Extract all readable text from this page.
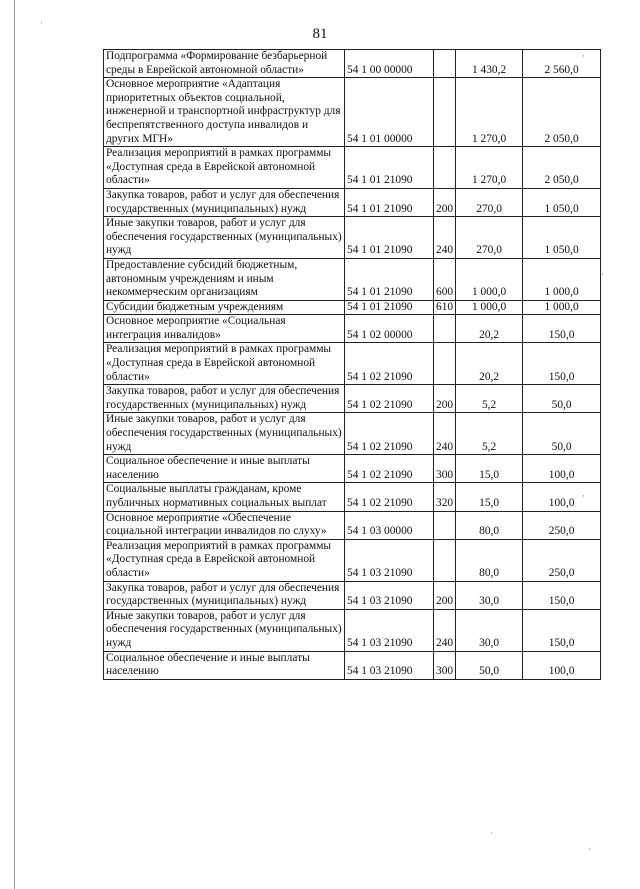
81
Подпрограмма «Формирование безбарьерной среды в Еврейской автономной области»	54 1 00 00000		1 430,2	2 560,0
Основное мероприятие «Адаптация приоритетных объектов социальной, инженерной и транспортной инфраструктур для беспрепятственного доступа инвалидов и других МГН»	54 1 01 00000		1 270,0	2 050,0
Реализация мероприятий в рамках программы «Доступная среда в Еврейской автономной области»	54 1 01 21090		1 270,0	2 050,0
Закупка товаров, работ и услуг для обеспечения государственных (муниципальных) нужд	54 1 01 21090	200	270,0	1 050,0
Иные закупки товаров, работ и услуг для обеспечения государственных (муниципальных) нужд	54 1 01 21090	240	270,0	1 050,0
Предоставление субсидий бюджетным, автономным учреждениям и иным некоммерческим организациям	54 1 01 21090	600	1 000,0	1 000,0
Субсидии бюджетным учреждениям	54 1 01 21090	610	1 000,0	1 000,0
Основное мероприятие «Социальная интеграция инвалидов»	54 1 02 00000		20,2	150,0
Реализация мероприятий в рамках программы «Доступная среда в Еврейской автономной области»	54 1 02 21090		20,2	150,0
Закупка товаров, работ и услуг для обеспечения государственных (муниципальных) нужд	54 1 02 21090	200	5,2	50,0
Иные закупки товаров, работ и услуг для обеспечения государственных (муниципальных) нужд	54 1 02 21090	240	5,2	50,0
Социальное обеспечение и иные выплаты населению	54 1 02 21090	300	15,0	100,0
Социальные выплаты гражданам, кроме публичных нормативных социальных выплат	54 1 02 21090	320	15,0	100,0
Основное мероприятие «Обеспечение социальной интеграции инвалидов по слуху»	54 1 03 00000		80,0	250,0
Реализация мероприятий в рамках программы «Доступная среда в Еврейской автономной области»	54 1 03 21090		80,0	250,0
Закупка товаров, работ и услуг для обеспечения государственных (муниципальных) нужд	54 1 03 21090	200	30,0	150,0
Иные закупки товаров, работ и услуг для обеспечения государственных (муниципальных) нужд	54 1 03 21090	240	30,0	150,0
Социальное обеспечение и иные выплаты населению	54 1 03 21090	300	50,0	100,0
·
·
·
·
·
·
